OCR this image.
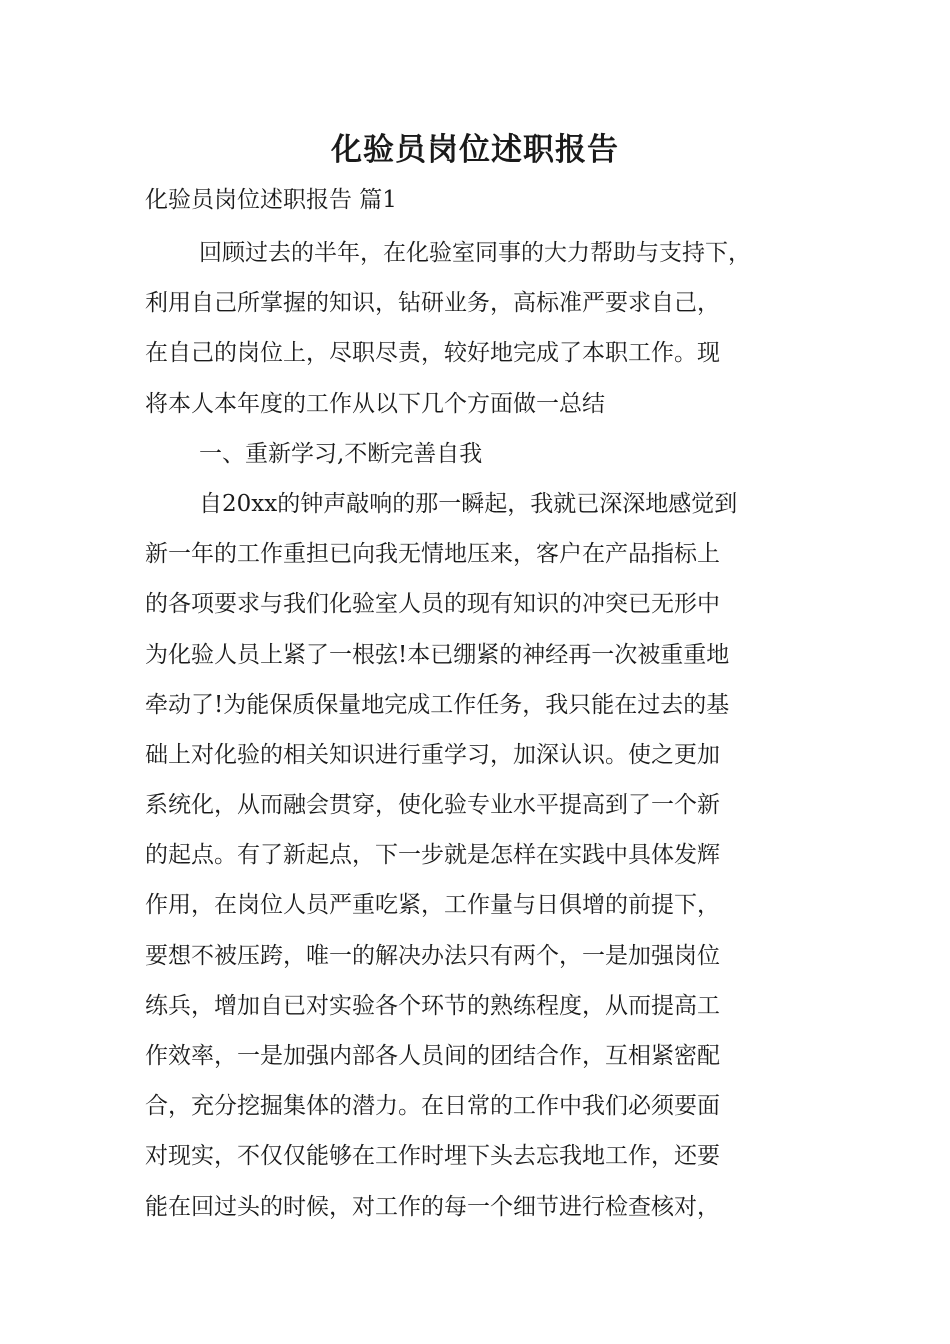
化验员岗位述职报告
化验员岗位述职报告 篇1
回顾过去的半年，在化验室同事的大力帮助与支持下，
利用自己所掌握的知识，钻研业务，高标准严要求自己，
在自己的岗位上，尽职尽责，较好地完成了本职工作。现
将本人本年度的工作从以下几个方面做一总结
一、重新学习,不断完善自我
自20xx的钟声敲响的那一瞬起，我就已深深地感觉到
新一年的工作重担已向我无情地压来，客户在产品指标上
的各项要求与我们化验室人员的现有知识的冲突已无形中
为化验人员上紧了一根弦!本已绷紧的神经再一次被重重地
牵动了!为能保质保量地完成工作任务，我只能在过去的基
础上对化验的相关知识进行重学习，加深认识。使之更加
系统化，从而融会贯穿，使化验专业水平提高到了一个新
的起点。有了新起点，下一步就是怎样在实践中具体发辉
作用，在岗位人员严重吃紧，工作量与日俱增的前提下，
要想不被压跨，唯一的解决办法只有两个，一是加强岗位
练兵，增加自已对实验各个环节的熟练程度，从而提高工
作效率，一是加强内部各人员间的团结合作，互相紧密配
合，充分挖掘集体的潜力。在日常的工作中我们必须要面
对现实，不仅仅能够在工作时埋下头去忘我地工作，还要
能在回过头的时候，对工作的每一个细节进行检查核对，
